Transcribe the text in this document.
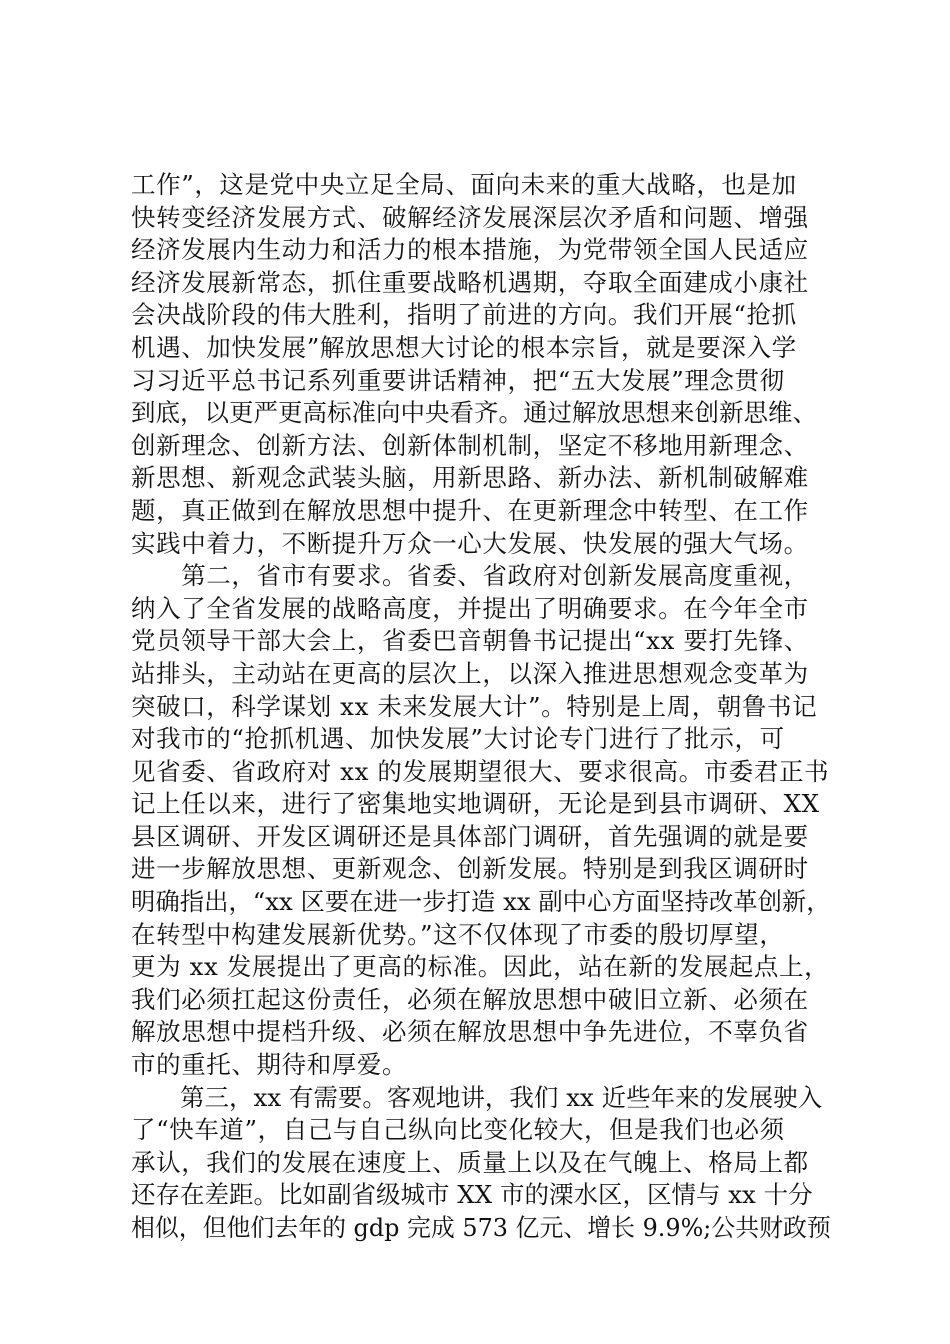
工作”，这是党中央立足全局、面向未来的重大战略，也是加
快转变经济发展方式、破解经济发展深层次矛盾和问题、增强
经济发展内生动力和活力的根本措施，为党带领全国人民适应
经济发展新常态，抓住重要战略机遇期，夺取全面建成小康社
会决战阶段的伟大胜利，指明了前进的方向。我们开展“抢抓
机遇、加快发展”解放思想大讨论的根本宗旨，就是要深入学
习习近平总书记系列重要讲话精神，把“五大发展”理念贯彻
到底，以更严更高标准向中央看齐。通过解放思想来创新思维、
创新理念、创新方法、创新体制机制，坚定不移地用新理念、
新思想、新观念武装头脑，用新思路、新办法、新机制破解难
题，真正做到在解放思想中提升、在更新理念中转型、在工作
实践中着力，不断提升万众一心大发展、快发展的强大气场。
　　第二，省市有要求。省委、省政府对创新发展高度重视，
纳入了全省发展的战略高度，并提出了明确要求。在今年全市
党员领导干部大会上，省委巴音朝鲁书记提出“xx 要打先锋、
站排头，主动站在更高的层次上，以深入推进思想观念变革为
突破口，科学谋划 xx 未来发展大计”。特别是上周，朝鲁书记
对我市的“抢抓机遇、加快发展”大讨论专门进行了批示，可
见省委、省政府对 xx 的发展期望很大、要求很高。市委君正书
记上任以来，进行了密集地实地调研，无论是到县市调研、XX
县区调研、开发区调研还是具体部门调研，首先强调的就是要
进一步解放思想、更新观念、创新发展。特别是到我区调研时
明确指出，“xx 区要在进一步打造 xx 副中心方面坚持改革创新，
在转型中构建发展新优势。”这不仅体现了市委的殷切厚望，
更为 xx 发展提出了更高的标准。因此，站在新的发展起点上，
我们必须扛起这份责任，必须在解放思想中破旧立新、必须在
解放思想中提档升级、必须在解放思想中争先进位，不辜负省
市的重托、期待和厚爱。
　　第三，xx 有需要。客观地讲，我们 xx 近些年来的发展驶入
了“快车道”，自己与自己纵向比变化较大，但是我们也必须
承认，我们的发展在速度上、质量上以及在气魄上、格局上都
还存在差距。比如副省级城市 XX 市的溧水区，区情与 xx 十分
相似，但他们去年的 gdp 完成 573 亿元、增长 9.9%;公共财政预
